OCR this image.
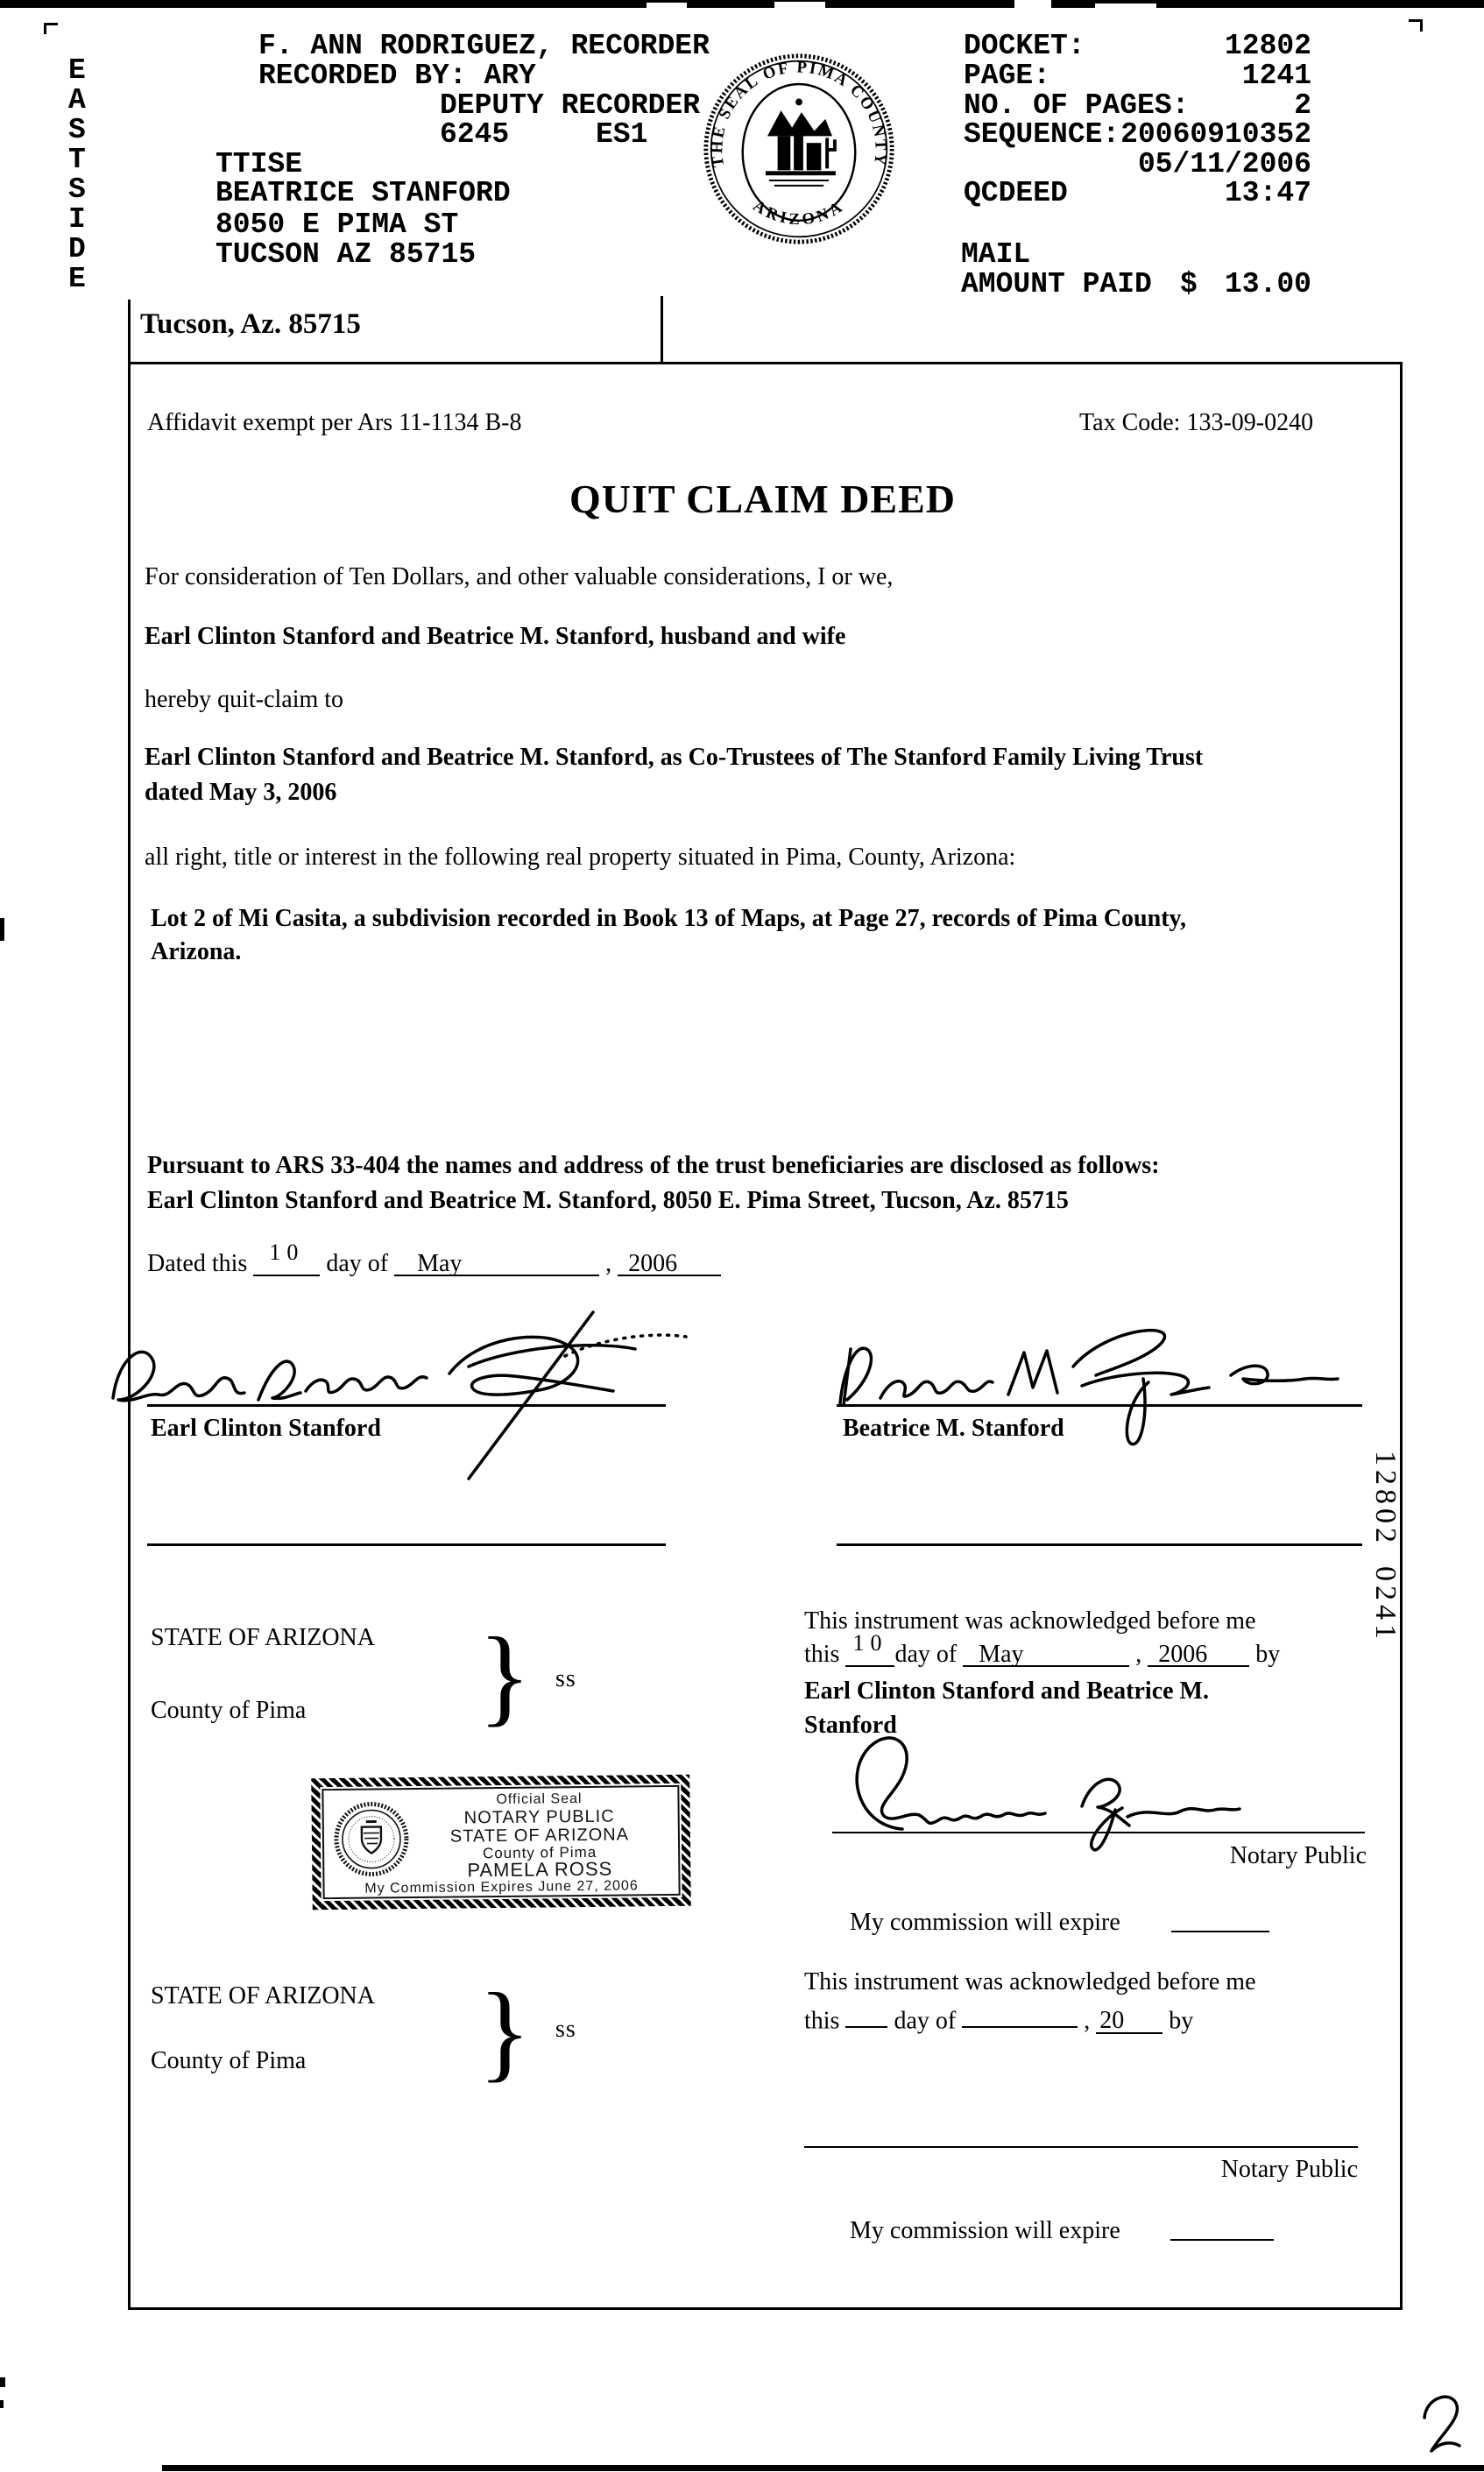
E
A
S
T
S
I
D
E
F. ANN RODRIGUEZ, RECORDER
RECORDED BY: ARY
DEPUTY RECORDER
6245	ES1
TTISE
BEATRICE STANFORD
8050 E PIMA ST
TUCSON AZ 85715
DOCKET:	12802
PAGE:	1241
NO. OF PAGES:	2
SEQUENCE: 20060910352
05/11/2006
QCDEED	13:47
MAIL
AMOUNT PAID $ 13.00
THE SEAL OF PIMA COUNTY
ARIZONA
Tucson, Az. 85715
Affidavit exempt per Ars 11-1134 B-8	Tax Code: 133-09-0240
QUIT CLAIM DEED
For consideration of Ten Dollars, and other valuable considerations, I or we,
Earl Clinton Stanford and Beatrice M. Stanford, husband and wife
hereby quit-claim to
Earl Clinton Stanford and Beatrice M. Stanford, as Co-Trustees of The Stanford Family Living Trust
dated May 3, 2006
all right, title or interest in the following real property situated in Pima, County, Arizona:
Lot 2 of Mi Casita, a subdivision recorded in Book 13 of Maps, at Page 27, records of Pima County,
Arizona.
Pursuant to ARS 33-404 the names and address of the trust beneficiaries are disclosed as follows:
Earl Clinton Stanford and Beatrice M. Stanford, 8050 E. Pima Street, Tucson, Az. 85715
Dated this 10 day of May	, 2006
Earl Clinton Stanford	Beatrice M. Stanford
STATE OF ARIZONA
County of Pima } ss
This instrument was acknowledged before me
this 10 day of May	, 2006 by
Earl Clinton Stanford and Beatrice M.
Stanford
Notary Public
My commission will expire
Official Seal
NOTARY PUBLIC
STATE OF ARIZONA
County of Pima
PAMELA ROSS
My Commission Expires June 27, 2006
STATE OF ARIZONA
County of Pima } ss
This instrument was acknowledged before me
this day of	, 20 by
Notary Public
My commission will expire

128020241
